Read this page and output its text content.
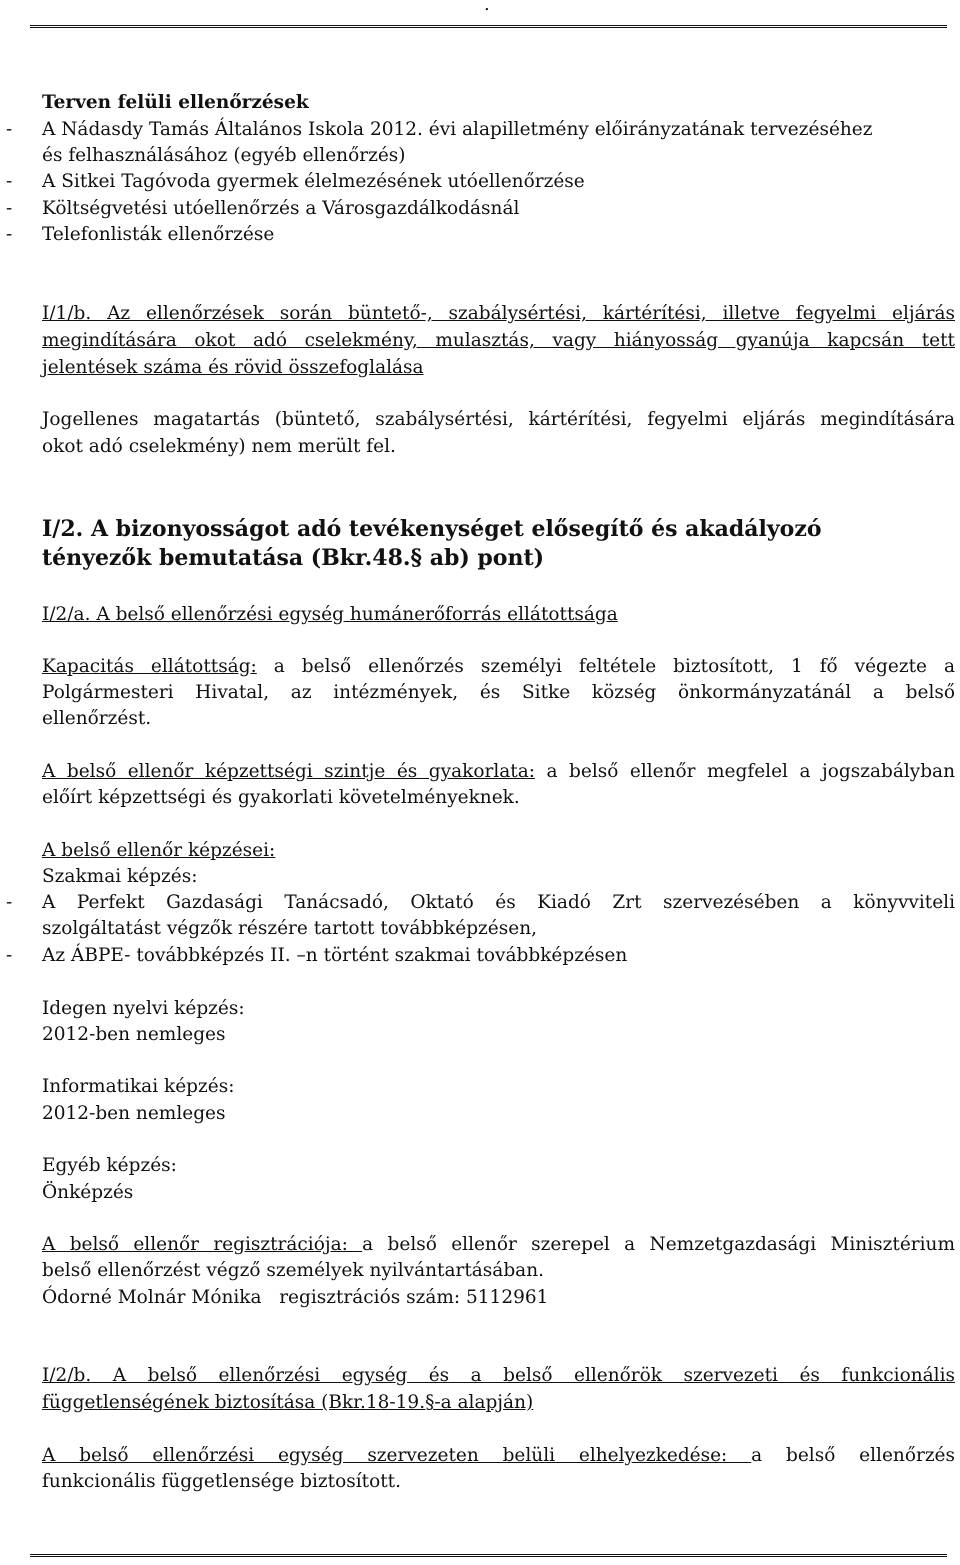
.
Terven felüli ellenőrzések
- A Nádasdy Tamás Általános Iskola 2012. évi alapilletmény előirányzatának tervezéséhez
és felhasználásához (egyéb ellenőrzés)
- A Sitkei Tagóvoda gyermek élelmezésének utóellenőrzése
- Költségvetési utóellenőrzés a Városgazdálkodásnál
- Telefonlisták ellenőrzése
I/1/b. Az ellenőrzések során büntető-, szabálysértési, kártérítési, illetve fegyelmi eljárás
megindítására okot adó cselekmény, mulasztás, vagy hiányosság gyanúja kapcsán tett
jelentések száma és rövid összefoglalása
Jogellenes magatartás (büntető, szabálysértési, kártérítési, fegyelmi eljárás megindítására
okot adó cselekmény) nem merült fel.
I/2. A bizonyosságot adó tevékenységet elősegítő és akadályozó
tényezők bemutatása (Bkr.48.§ ab) pont)
I/2/a. A belső ellenőrzési egység humánerőforrás ellátottsága
Kapacitás ellátottság: a belső ellenőrzés személyi feltétele biztosított, 1 fő végezte a
Polgármesteri Hivatal, az intézmények, és Sitke község önkormányzatánál a belső
ellenőrzést.
A belső ellenőr képzettségi szintje és gyakorlata: a belső ellenőr megfelel a jogszabályban
előírt képzettségi és gyakorlati követelményeknek.
A belső ellenőr képzései:
Szakmai képzés:
- A Perfekt Gazdasági Tanácsadó, Oktató és Kiadó Zrt szervezésében a könyvviteli
szolgáltatást végzők részére tartott továbbképzésen,
- Az ÁBPE- továbbképzés II. –n történt szakmai továbbképzésen
Idegen nyelvi képzés:
2012-ben nemleges
Informatikai képzés:
2012-ben nemleges
Egyéb képzés:
Önképzés
A belső ellenőr regisztrációja: a belső ellenőr szerepel a Nemzetgazdasági Minisztérium
belső ellenőrzést végző személyek nyilvántartásában.
Ódorné Molnár Mónika   regisztrációs szám: 5112961
I/2/b. A belső ellenőrzési egység és a belső ellenőrök szervezeti és funkcionális
függetlenségének biztosítása (Bkr.18-19.§-a alapján)
A belső ellenőrzési egység szervezeten belüli elhelyezkedése: a belső ellenőrzés
funkcionális függetlensége biztosított.
